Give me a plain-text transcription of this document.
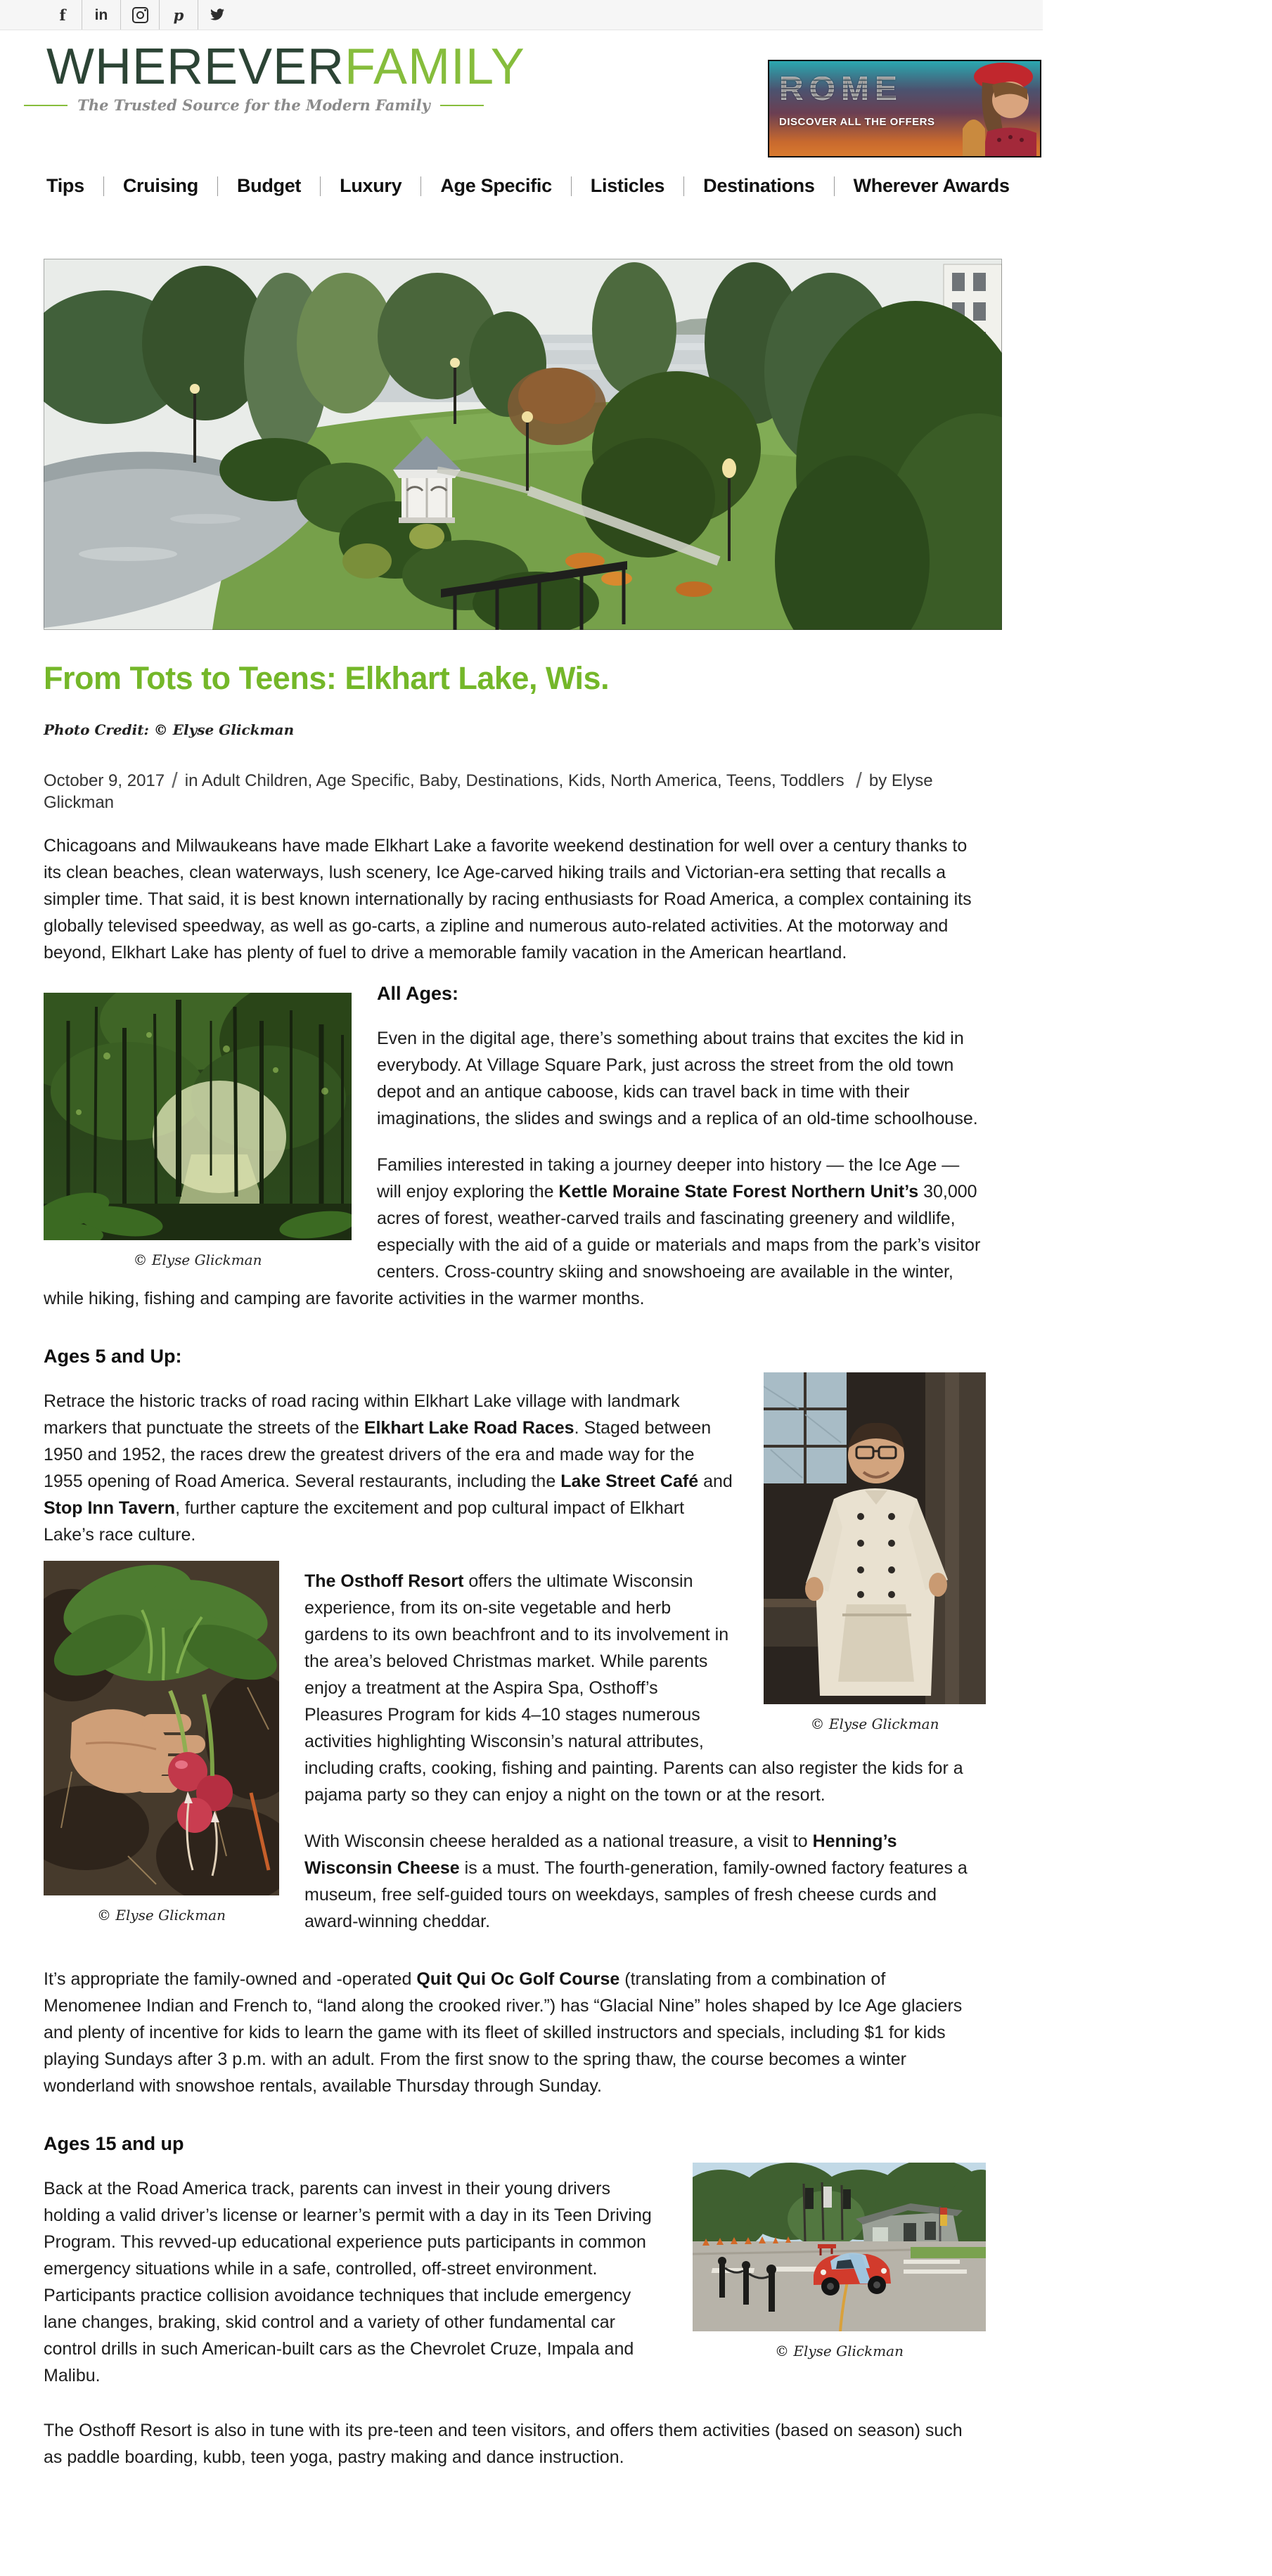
f in	p
WHEREVERFAMILY
The Trusted Source for the Modern Family	ROME
DISCOVER ALL THE OFFERS
Tips Cruising Budget Luxury Age Specific Listicles Destinations Wherever Awards
From Tots to Teens: Elkhart Lake, Wis.
Photo Credit: © Elyse Glickman
October 9, 2017 / in Adult Children, Age Specific, Baby, Destinations, Kids, North America, Teens, Toddlers / by Elyse Glickman

Chicagoans and Milwaukeans have made Elkhart Lake a favorite weekend destination for well over a century thanks to its clean beaches, clean waterways, lush scenery, Ice Age-carved hiking trails and Victorian-era setting that recalls a simpler time. That said, it is best known internationally by racing enthusiasts for Road America, a complex containing its globally televised speedway, as well as go-carts, a zipline and numerous auto-related activities. At the motorway and beyond, Elkhart Lake has plenty of fuel to drive a memorable family vacation in the American heartland.

© Elyse Glickman
All Ages:

Even in the digital age, there’s something about trains that excites the kid in everybody. At Village Square Park, just across the street from the old town depot and an antique caboose, kids can travel back in time with their imaginations, the slides and swings and a replica of an old-time schoolhouse.

Families interested in taking a journey deeper into history — the Ice Age — will enjoy exploring the Kettle Moraine State Forest Northern Unit’s 30,000 acres of forest, weather-carved trails and fascinating greenery and wildlife, especially with the aid of a guide or materials and maps from the park’s visitor centers. Cross-country skiing and snowshoeing are available in the winter, while hiking, fishing and camping are favorite activities in the warmer months.

Ages 5 and Up:
© Elyse Glickman

Retrace the historic tracks of road racing within Elkhart Lake village with landmark markers that punctuate the streets of the Elkhart Lake Road Races. Staged between 1950 and 1952, the races drew the greatest drivers of the era and made way for the 1955 opening of Road America. Several restaurants, including the Lake Street Café and Stop Inn Tavern, further capture the excitement and pop cultural impact of Elkhart Lake’s race culture.

© Elyse Glickman

The Osthoff Resort offers the ultimate Wisconsin experience, from its on-site vegetable and herb gardens to its own beachfront and to its involvement in the area’s beloved Christmas market. While parents enjoy a treatment at the Aspira Spa, Osthoff’s Pleasures Program for kids 4–10 stages numerous activities highlighting Wisconsin’s natural attributes, including crafts, cooking, fishing and painting. Parents can also register the kids for a pajama party so they can enjoy a night on the town or at the resort.

With Wisconsin cheese heralded as a national treasure, a visit to Henning’s Wisconsin Cheese is a must. The fourth-generation, family-owned factory features a museum, free self-guided tours on weekdays, samples of fresh cheese curds and award-winning cheddar.

It’s appropriate the family-owned and -operated Quit Qui Oc Golf Course (translating from a combination of Menomenee Indian and French to, “land along the crooked river.”) has “Glacial Nine” holes shaped by Ice Age glaciers and plenty of incentive for kids to learn the game with its fleet of skilled instructors and specials, including $1 for kids playing Sundays after 3 p.m. with an adult. From the first snow to the spring thaw, the course becomes a winter wonderland with snowshoe rentals, available Thursday through Sunday.

Ages 15 and up
© Elyse Glickman

Back at the Road America track, parents can invest in their young drivers holding a valid driver’s license or learner’s permit with a day in its Teen Driving Program. This revved-up educational experience puts participants in common emergency situations while in a safe, controlled, off-street environment. Participants practice collision avoidance techniques that include emergency lane changes, braking, skid control and a variety of other fundamental car control drills in such American-built cars as the Chevrolet Cruze, Impala and Malibu.

The Osthoff Resort is also in tune with its pre-teen and teen visitors, and offers them activities (based on season) such as paddle boarding, kubb, teen yoga, pastry making and dance instruction.
